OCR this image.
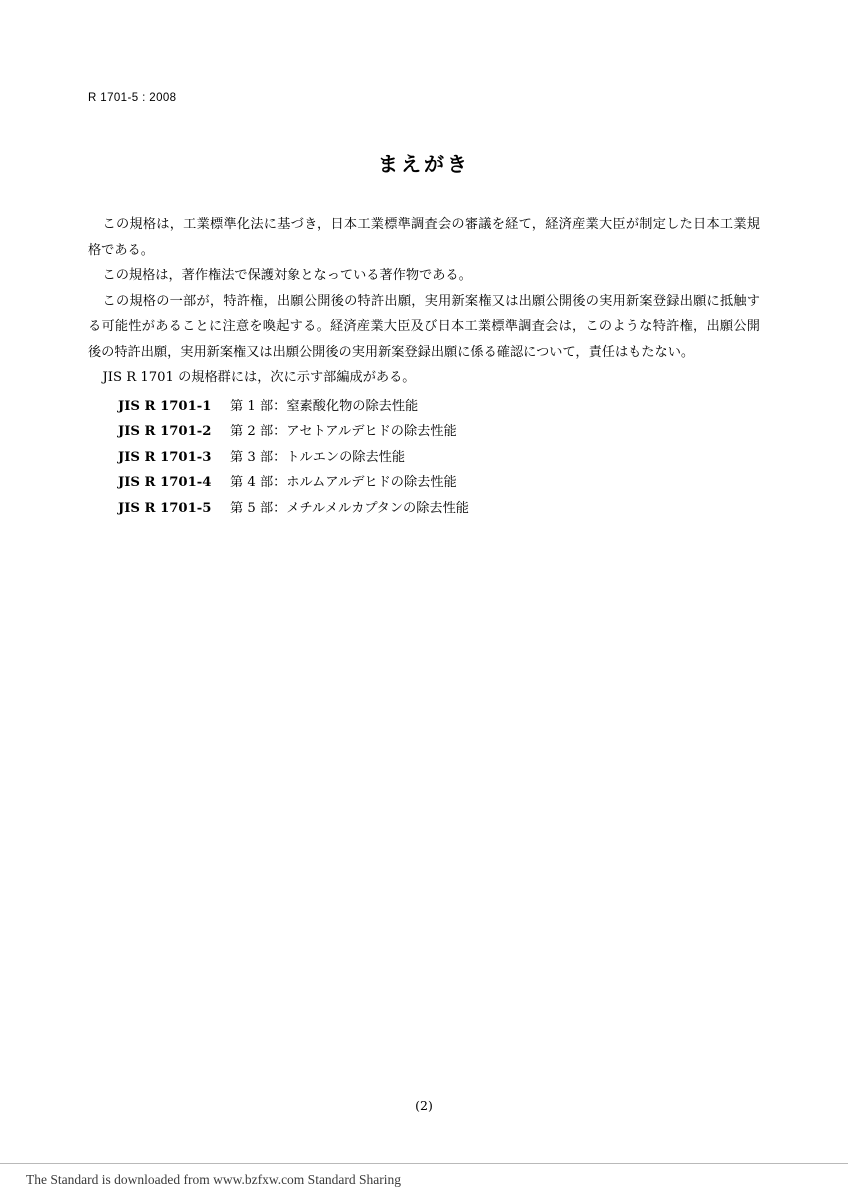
R 1701-5 : 2008
まえがき

この規格は，工業標準化法に基づき，日本工業標準調査会の審議を経て，経済産業大臣が制定した日本工業規格である。

この規格は，著作権法で保護対象となっている著作物である。

この規格の一部が，特許権，出願公開後の特許出願，実用新案権又は出願公開後の実用新案登録出願に抵触する可能性があることに注意を喚起する。経済産業大臣及び日本工業標準調査会は，このような特許権，出願公開後の特許出願，実用新案権又は出願公開後の実用新案登録出願に係る確認について，責任はもたない。

JIS R 1701 の規格群には，次に示す部編成がある。

JIS R 1701-1 第 1 部：窒素酸化物の除去性能
JIS R 1701-2 第 2 部：アセトアルデヒドの除去性能
JIS R 1701-3 第 3 部：トルエンの除去性能
JIS R 1701-4 第 4 部：ホルムアルデヒドの除去性能
JIS R 1701-5 第 5 部：メチルメルカプタンの除去性能
(2)
The Standard is downloaded from www.bzfxw.com Standard Sharing
